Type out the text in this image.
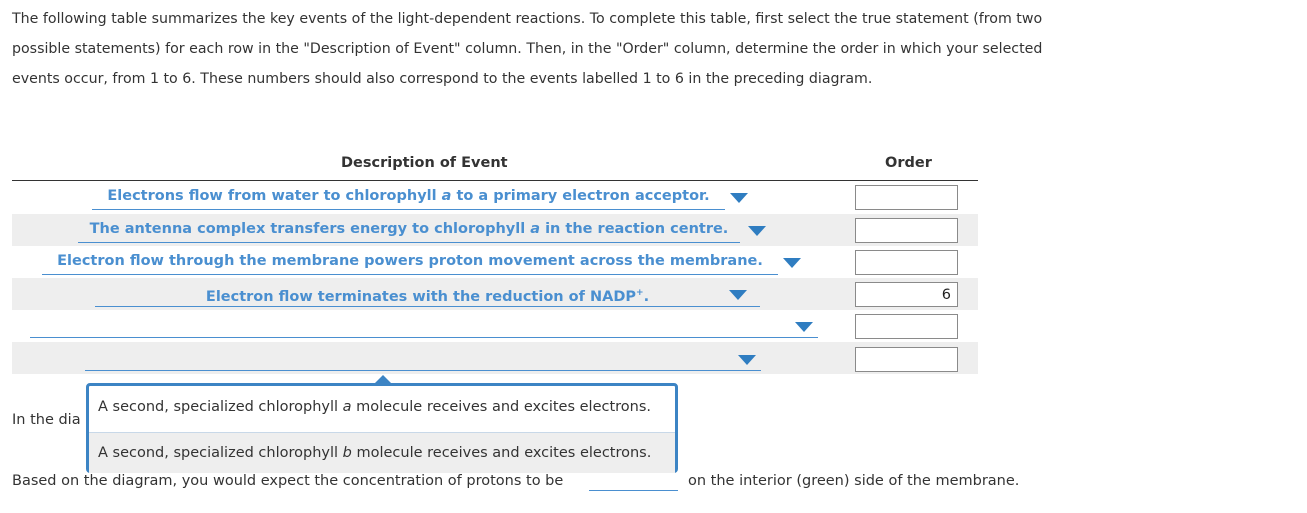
The following table summarizes the key events of the light-dependent reactions. To complete this table, first select the true statement (from two
possible statements) for each row in the "Description of Event" column. Then, in the "Order" column, determine the order in which your selected
events occur, from 1 to 6. These numbers should also correspond to the events labelled 1 to 6 in the preceding diagram.
Description of Event	Order
Electrons flow from water to chlorophyll a to a primary electron acceptor.
The antenna complex transfers energy to chlorophyll a in the reaction centre.
Electron flow through the membrane powers proton movement across the membrane.
Electron flow terminates with the reduction of NADP+.
6
In the dia
Based on the diagram, you would expect the concentration of protons to be	on the interior (green) side of the membrane.
A second, specialized chlorophyll a molecule receives and excites electrons.
A second, specialized chlorophyll b molecule receives and excites electrons.
